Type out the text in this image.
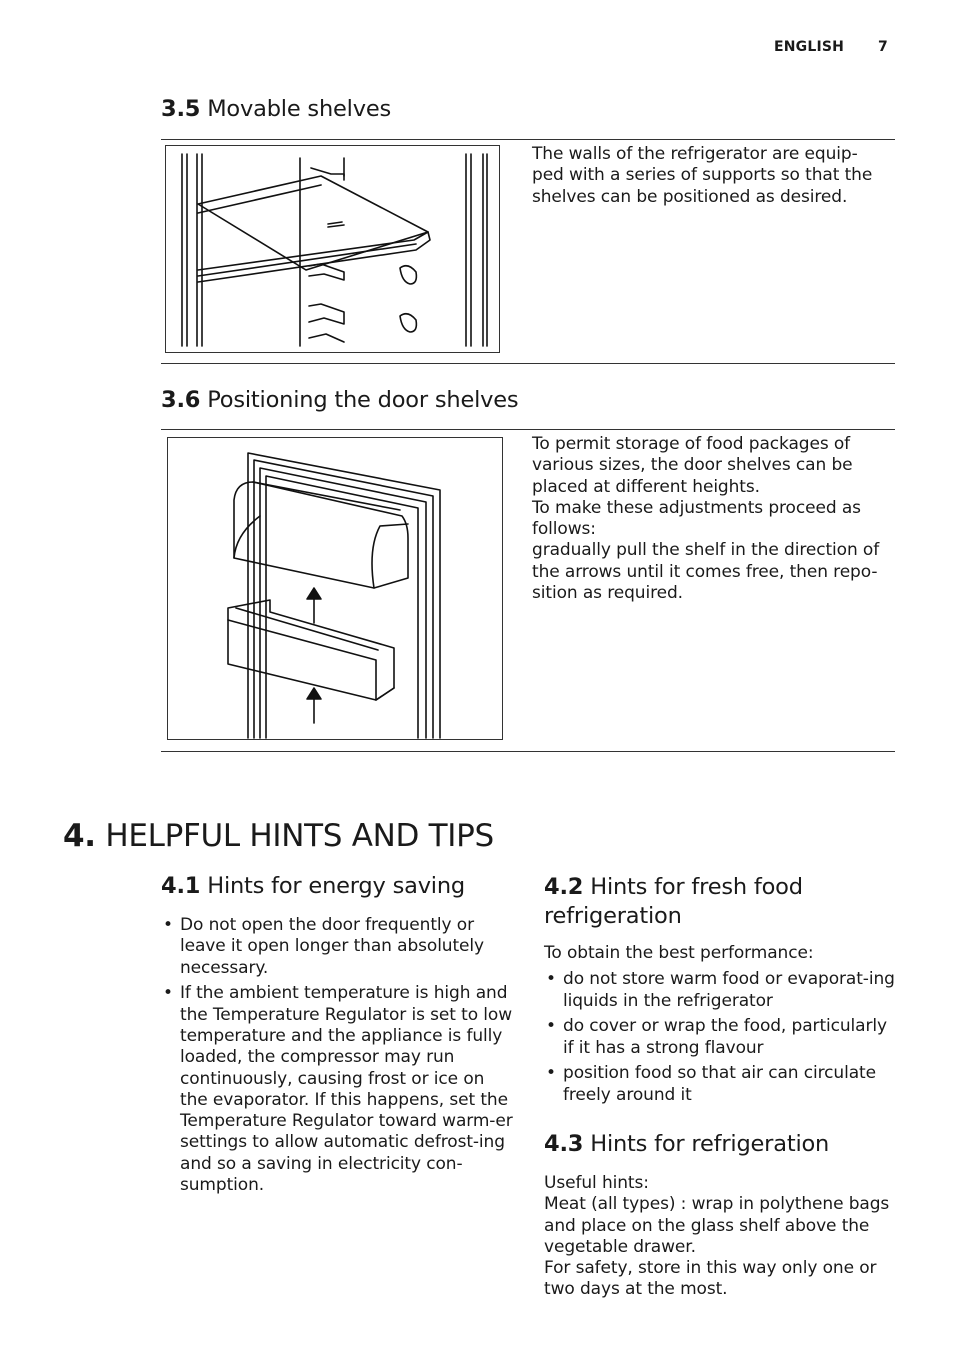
ENGLISH 7
3.5 Movable shelves
The walls of the refrigerator are equip-ped with a series of supports so that the shelves can be positioned as desired.
3.6 Positioning the door shelves

To permit storage of food packages of various sizes, the door shelves can be placed at different heights.

To make these adjustments proceed as follows:

gradually pull the shelf in the direction of the arrows until it comes free, then repo-sition as required.

4. HELPFUL HINTS AND TIPS
4.1 Hints for energy saving
• Do not open the door frequently or leave it open longer than absolutely necessary.
• If the ambient temperature is high and the Temperature Regulator is set to low temperature and the appliance is fully loaded, the compressor may run continuously, causing frost or ice on the evaporator. If this happens, set the Temperature Regulator toward warm-er settings to allow automatic defrost-ing and so a saving in electricity con-sumption.
4.2 Hints for fresh food refrigeration

To obtain the best performance:

• do not store warm food or evaporat-ing liquids in the refrigerator
• do cover or wrap the food, particularly if it has a strong flavour
• position food so that air can circulate freely around it
4.3 Hints for refrigeration

Useful hints:

Meat (all types) : wrap in polythene bags and place on the glass shelf above the vegetable drawer.

For safety, store in this way only one or two days at the most.
